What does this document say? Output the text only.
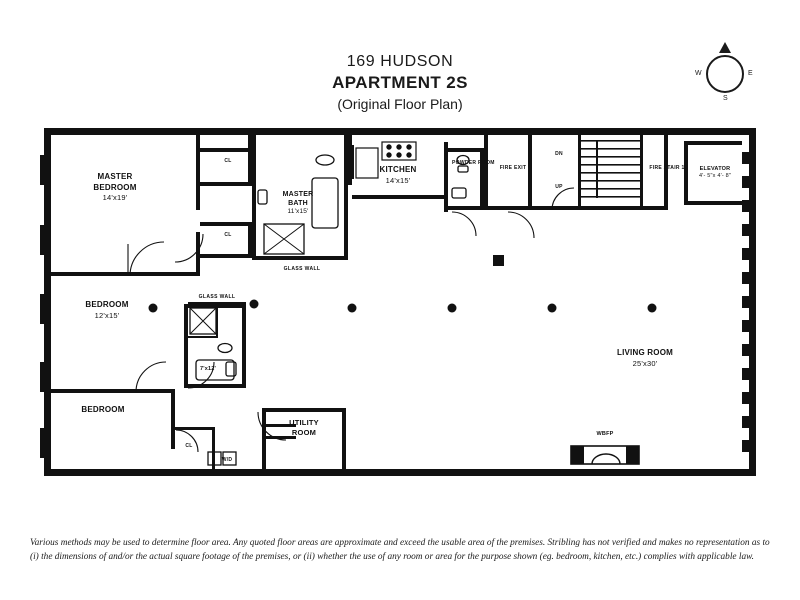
169 HUDSON
APARTMENT 2S
(Original Floor Plan)
E
W
S
MASTER
BEDROOM
14'x19'	MASTER
BATH
11'x15'
BEDROOM
12'x15'
BEDROOM
KITCHEN
14'x15'
LIVING ROOM
25'x30'
7'x12'
UTILITY
ROOM
ELEVATOR
4'- 5"x 4'- 8"
CL
CL
CL
GLASS WALL
GLASS WALL
POWDER ROOM
FIRE EXIT	FIRE STAIR 1
DN
UP
W/D
WBFP
Various methods may be used to determine floor area. Any quoted floor areas are approximate and exceed the usable area of the premises. Stribling has not verified and makes no representation as to (i) the dimensions of and/or the actual square footage of the premises, or (ii) whether the use of any room or area for the purpose shown (eg. bedroom, kitchen, etc.) complies with applicable law.
